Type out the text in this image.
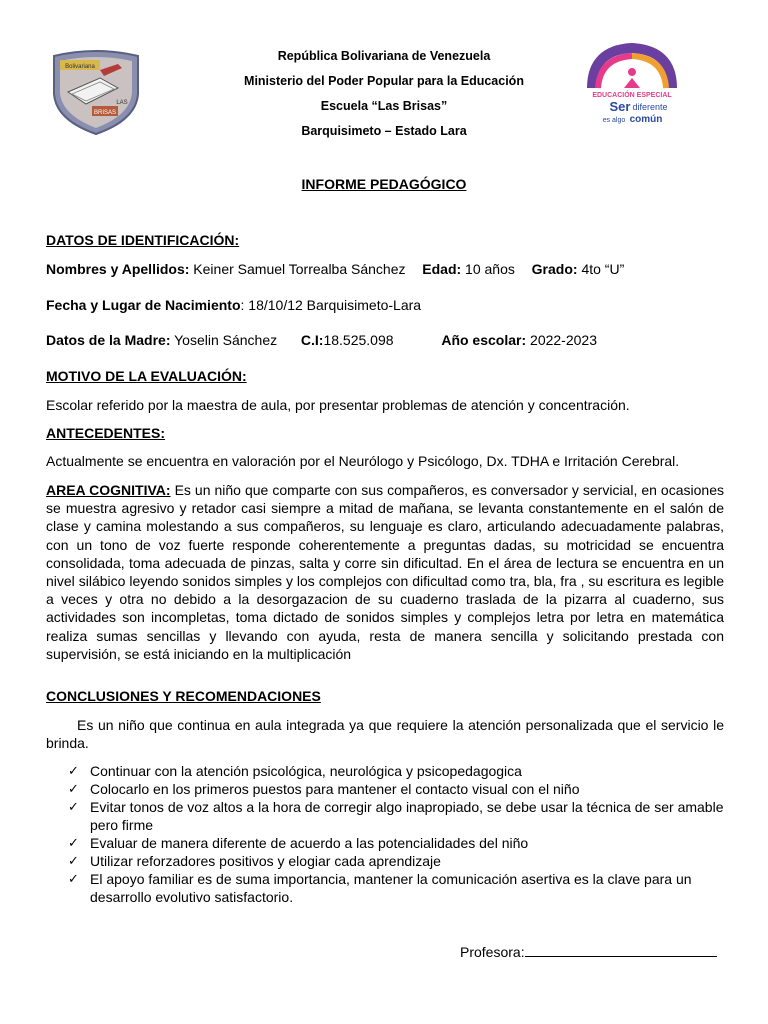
Bolivariana
LAS
BRISAS
República Bolivariana de Venezuela
Ministerio del Poder Popular para la Educación
Escuela “Las Brisas”
Barquisimeto – Estado Lara
EDUCACIÓN ESPECIAL
Ser diferente
es algo común
INFORME PEDAGÓGICO
DATOS DE IDENTIFICACIÓN:
Nombres y Apellidos: Keiner Samuel Torrealba Sánchez Edad: 10 años Grado: 4to “U”
Fecha y Lugar de Nacimiento: 18/10/12 Barquisimeto-Lara
Datos de la Madre: Yoselin Sánchez C.I:18.525.098	Año escolar: 2022-2023
MOTIVO DE LA EVALUACIÓN:
Escolar referido por la maestra de aula, por presentar problemas de atención y concentración.
ANTECEDENTES:
Actualmente se encuentra en valoración por el Neurólogo y Psicólogo, Dx. TDHA e Irritación Cerebral.
AREA COGNITIVA: Es un niño que comparte con sus compañeros, es conversador y servicial, en ocasiones se muestra agresivo y retador casi siempre a mitad de mañana, se levanta constantemente en el salón de clase y camina molestando a sus compañeros, su lenguaje es claro, articulando adecuadamente palabras, con un tono de voz fuerte responde coherentemente a preguntas dadas, su motricidad se encuentra consolidada, toma adecuada de pinzas, salta y corre sin dificultad. En el área de lectura se encuentra en un nivel silábico leyendo sonidos simples y los complejos con dificultad como tra, bla, fra , su escritura es legible a veces y otra no debido a la desorgazacion de su cuaderno traslada de la pizarra al cuaderno, sus actividades son incompletas, toma dictado de sonidos simples y complejos letra por letra en matemática realiza sumas sencillas y llevando con ayuda, resta de manera sencilla y solicitando prestada con supervisión, se está iniciando en la multiplicación
CONCLUSIONES Y RECOMENDACIONES
Es un niño que continua en aula integrada ya que requiere la atención personalizada que el servicio le brinda.
✓ Continuar con la atención psicológica, neurológica y psicopedagogica
✓ Colocarlo en los primeros puestos para mantener el contacto visual con el niño
✓ Evitar tonos de voz altos a la hora de corregir algo inapropiado, se debe usar la técnica de ser amable pero firme
✓ Evaluar de manera diferente de acuerdo a las potencialidades del niño
✓ Utilizar reforzadores positivos y elogiar cada aprendizaje
✓ El apoyo familiar es de suma importancia, mantener la comunicación asertiva es la clave para un desarrollo evolutivo satisfactorio.
Profesora:
